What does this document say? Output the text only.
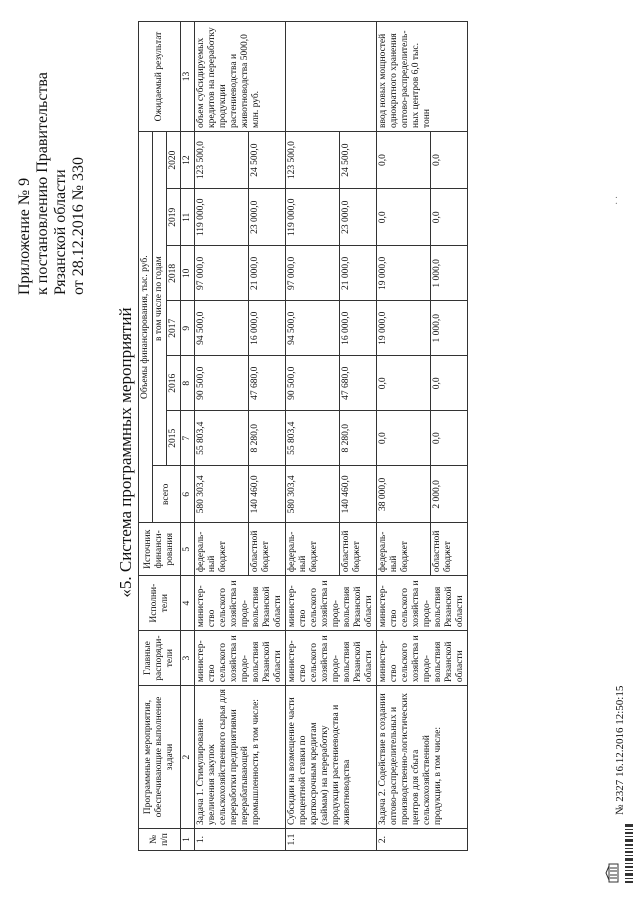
Приложение № 9 к постановлению Правительства Рязанской области от 28.12.2016 № 330
«5. Система программных мероприятий
№ п/п	Программные мероприятия, обеспечивающие выполнение задачи	Главные распоряди-тели	Исполни-тели	Источник финанси-рования	Объемы финансирования, тыс. руб.							Ожидаемый результат
					всего	в том числе по годам						
						2015	2016	2017	2018	2019	2020	
1	2	3	4	5	6	7	8	9	10	11	12	13
1.	Задача 1. Стимулирование увеличения закупок сельскохозяйственного сырья для переработки предприятиями перерабатывающей промышленности, в том числе:	министер-ство сельского хозяйства и продо-вольствия Рязанской области	министер-ство сельского хозяйства и продо-вольствия Рязанской области	федераль-ный бюджет	580 303,4	55 803,4	90 500,0	94 500,0	97 000,0	119 000,0	123 500,0	объем субсидируемых кредитов на переработку продукции растениеводства и животноводства 5000,0 млн. руб.
				областной бюджет	140 460,0	8 280,0	47 680,0	16 000,0	21 000,0	23 000,0	24 500,0	
1.1	Субсидии на возмещение части процентной ставки по краткосрочным кредитам (займам) на переработку продукции растениеводства и животноводства	министер-ство сельского хозяйства и продо-вольствия Рязанской области	министер-ство сельского хозяйства и продо-вольствия Рязанской области	федераль-ный бюджет	580 303,4	55 803,4	90 500,0	94 500,0	97 000,0	119 000,0	123 500,0	
				областной бюджет	140 460,0	8 280,0	47 680,0	16 000,0	21 000,0	23 000,0	24 500,0	
2.	Задача 2. Содействие в создании оптово-распределительных и производственно-логистических центров для сбыта сельскохозяйственной продукции, в том числе:	министер-ство сельского хозяйства и продо-вольствия Рязанской области	министер-ство сельского хозяйства и продо-вольствия Рязанской области	федераль-ный бюджет	38 000,0	0,0	0,0	19 000,0	19 000,0	0,0	0,0	ввод новых мощностей однократного хранения оптово-распределитель-ных центров 6,0 тыс. тонн
				областной бюджет	2 000,0	0,0	0,0	1 000,0	1 000,0	0,0	0,0	
№ 2327 16.12.2016 12:50:15
· ·
